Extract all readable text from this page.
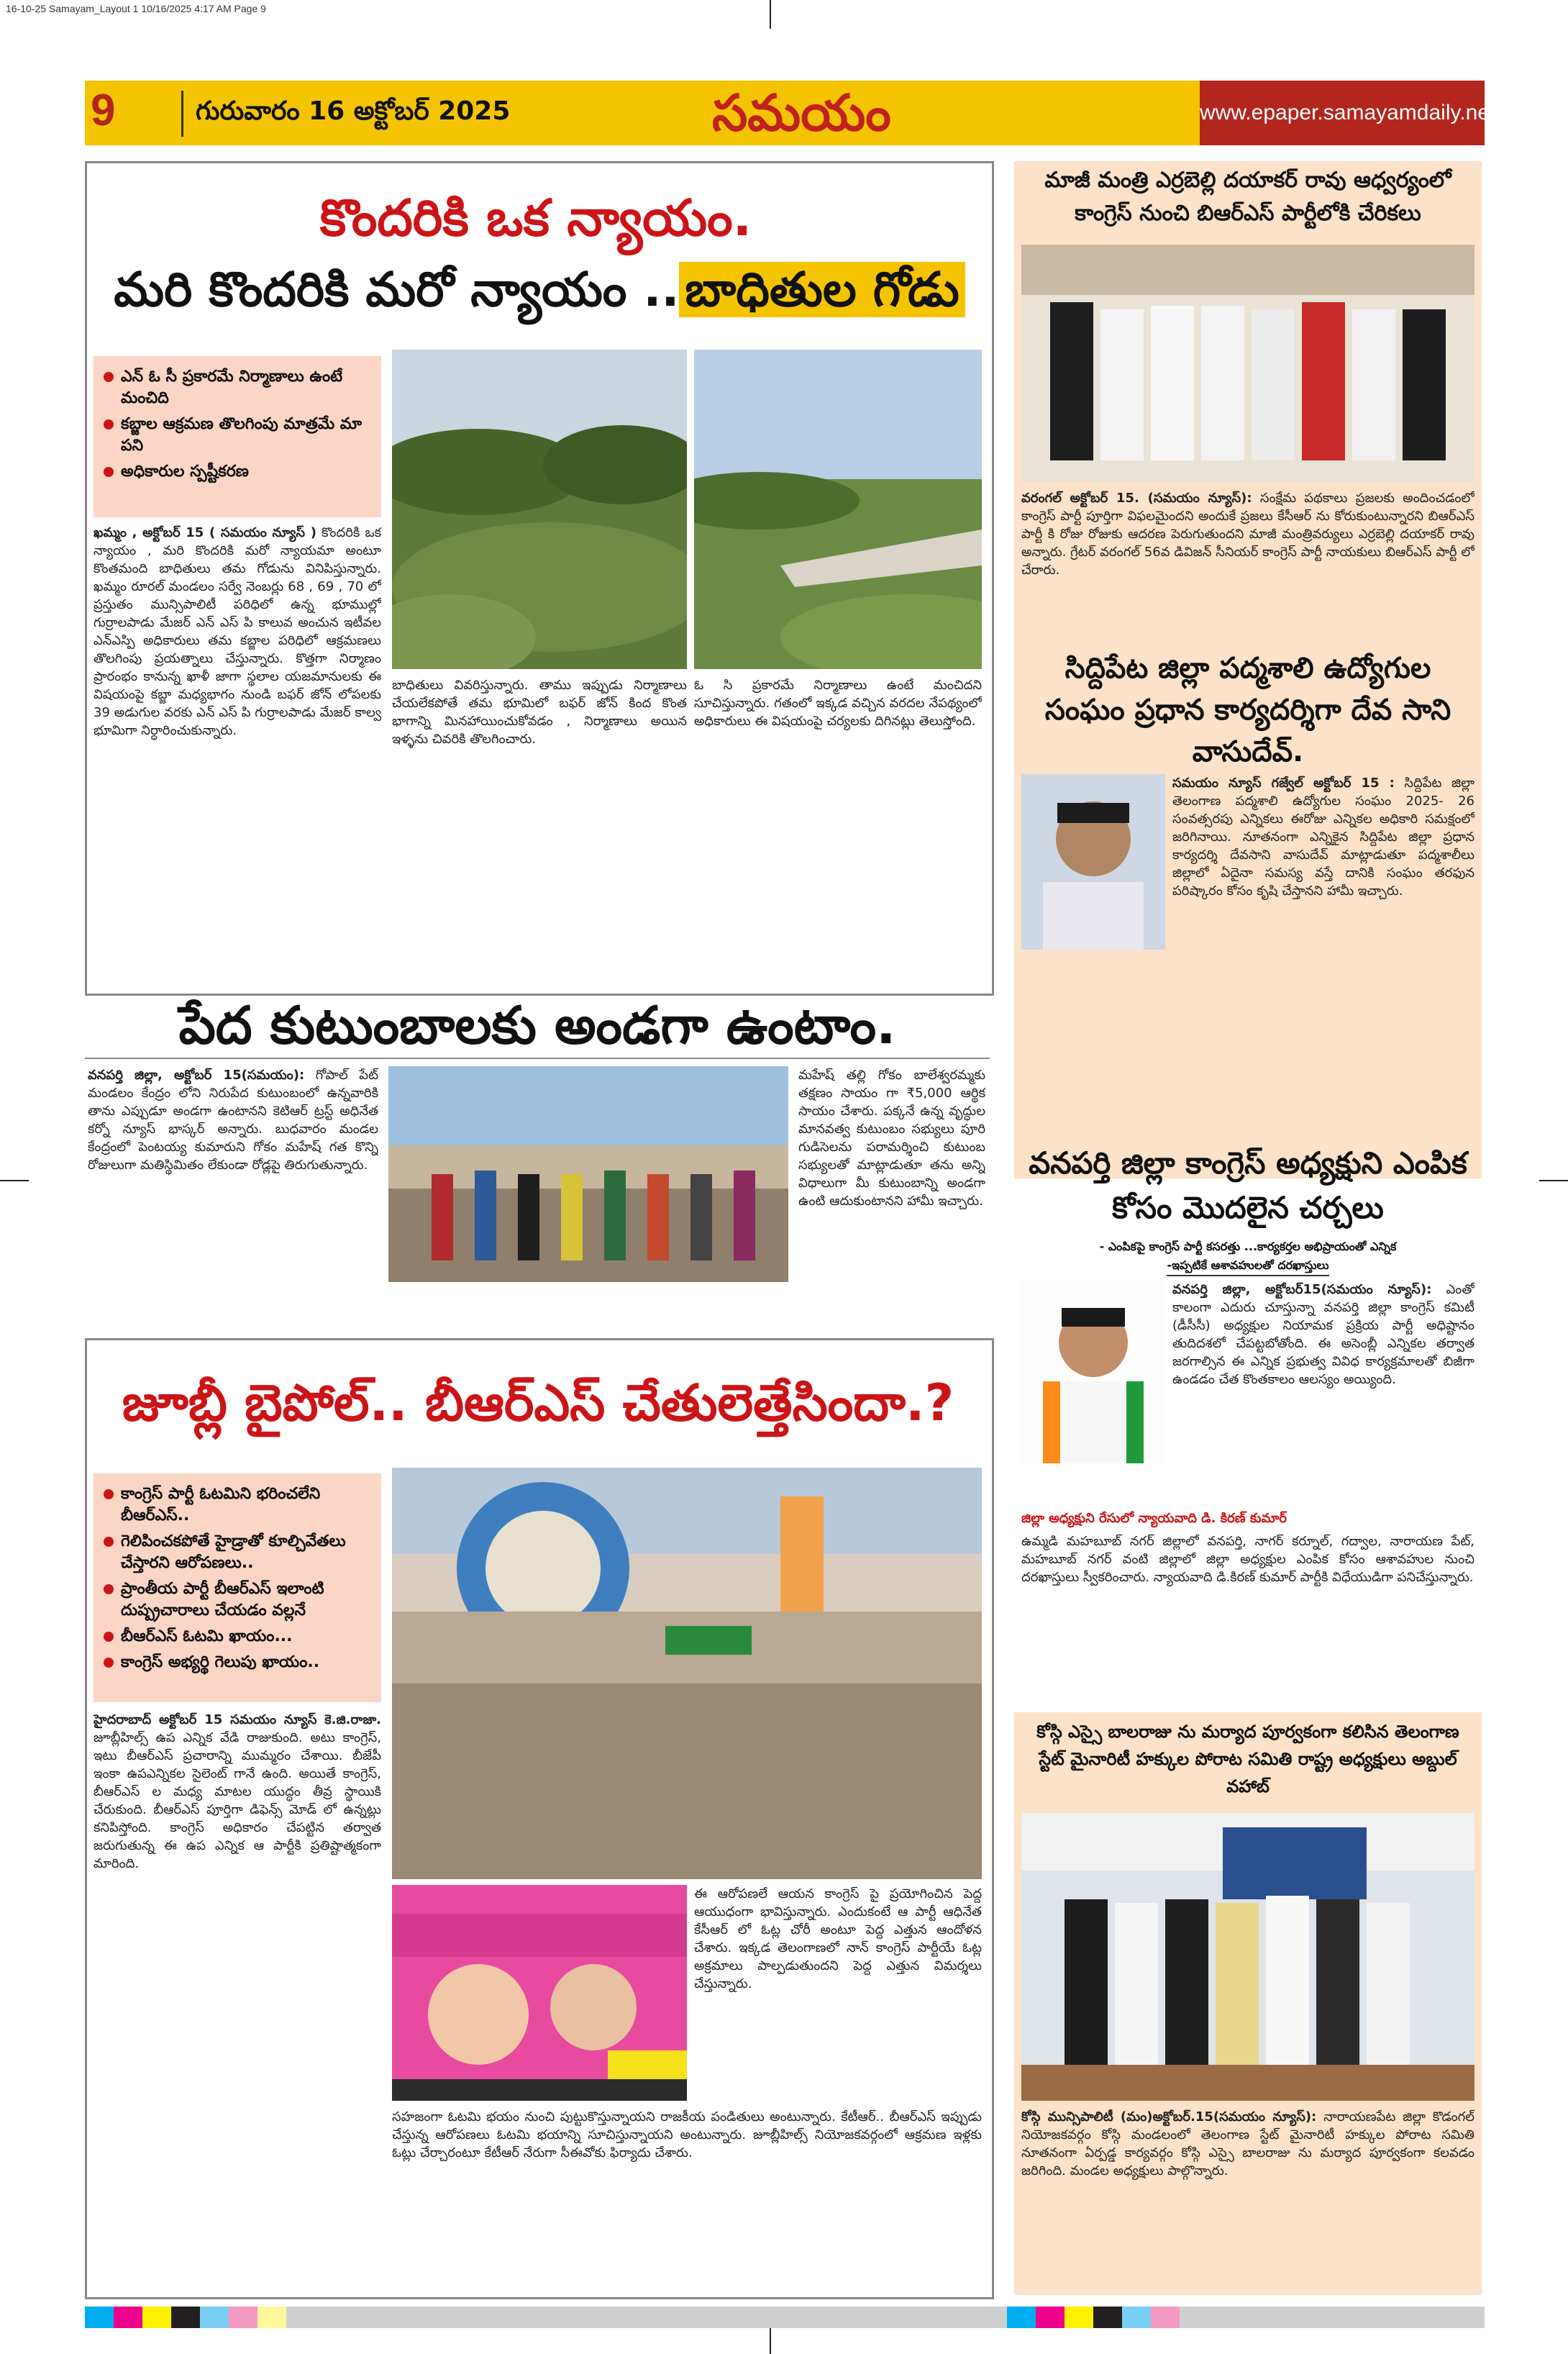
16-10-25 Samayam_Layout 1 10/16/2025 4:17 AM Page 9
9	గురువారం 16 అక్టోబర్ 2025	సమయం	www.epaper.samayamdaily.net
కొందరికి ఒక న్యాయం.
మరి కొందరికి మరో న్యాయం .. బాధితుల గోడు
ఎన్ ఓ సీ ప్రకారమే నిర్మాణాలు ఉంటే మంచిది
కబ్జాల ఆక్రమణ తొలగింపు మాత్రమే మా పని
అధికారుల స్పష్టీకరణ
ఖమ్మం , అక్టోబర్ 15 ( సమయం న్యూస్ ) కొందరికి ఒక న్యాయం , మరి కొందరికి మరో న్యాయమా అంటూ కొంతమంది బాధితులు తమ గోడును వినిపిస్తున్నారు. ఖమ్మం రూరల్ మండలం సర్వే నెంబర్లు 68 , 69 , 70 లో ప్రస్తుతం మున్సిపాలిటీ పరిధిలో ఉన్న భూముల్లో గుర్రాలపాడు మేజర్ ఎన్ ఎస్ పి కాలువ అంచున ఇటీవల ఎన్ఎస్పి అధికారులు తమ కబ్జాల పరిధిలో ఆక్రమణలు తొలగింపు ప్రయత్నాలు చేస్తున్నారు. కొత్తగా నిర్మాణం ప్రారంభం కానున్న ఖాళీ జాగా స్థలాల యజమానులకు ఈ విషయంపై కబ్జా మధ్యభాగం నుండి బఫర్ జోన్ లోపలకు 39 అడుగుల వరకు ఎన్ ఎస్ పి గుర్రాలపాడు మేజర్ కాల్వ భూమిగా నిర్ధారించుకున్నారు.
బాధితులు వివరిస్తున్నారు. తాము ఇప్పుడు నిర్మాణాలు చేయలేకపోతే తమ భూమిలో బఫర్ జోన్ కింద కొంత భాగాన్ని మినహాయించుకోవడం , నిర్మాణాలు అయిన ఇళ్ళను చివరికి తొలగించారు.
ఓ సి ప్రకారమే నిర్మాణాలు ఉంటే మంచిదని సూచిస్తున్నారు. గతంలో ఇక్కడ వచ్చిన వరదల నేపథ్యంలో అధికారులు ఈ విషయంపై చర్యలకు దిగినట్లు తెలుస్తోంది.
పేద కుటుంబాలకు అండగా ఉంటాం.
వనపర్తి జిల్లా, అక్టోబర్ 15(సమయం): గోపాల్ పేట్ మండలం కేంద్రం లోని నిరుపేద కుటుంబంలో ఉన్నవారికి తాను ఎప్పుడూ అండగా ఉంటానని కెటిఆర్ ట్రస్ట్ అధినేత కర్నో న్యూస్ భాస్కర్ అన్నారు. బుధవారం మండల కేంద్రంలో పెంటయ్య కుమారుని గోకం మహేష్ గత కొన్ని రోజులుగా మతిస్థిమితం లేకుండా రోడ్లపై తిరుగుతున్నారు.
మహేష్ తల్లి గోకం బాలేశ్వరమ్మకు తక్షణం సాయం గా ₹5,000 ఆర్థిక సాయం చేశారు. పక్కనే ఉన్న వృద్ధుల మానవత్వ కుటుంబం సభ్యులు పూరి గుడిసెలను పరామర్శించి కుటుంబ సభ్యులతో మాట్లాడుతూ తను అన్ని విధాలుగా మీ కుటుంబాన్ని అండగా ఉంటి ఆదుకుంటానని హామీ ఇచ్చారు.
జూబ్లీ బైపోల్.. బీఆర్ఎస్ చేతులెత్తేసిందా.?
కాంగ్రెస్ పార్టీ ఓటమిని భరించలేని బీఆర్ఎస్..
గెలిపించకపోతే హైడ్రాతో కూల్చివేతలు చేస్తారని ఆరోపణలు..
ప్రాంతీయ పార్టీ బీఆర్ఎస్ ఇలాంటి దుష్ప్రచారాలు చేయడం వల్లనే
బీఆర్ఎస్ ఓటమి ఖాయం...
కాంగ్రెస్ అభ్యర్థి గెలుపు ఖాయం..
హైదరాబాద్ అక్టోబర్ 15 సమయం న్యూస్ కె.జి.రాజా. జూబ్లీహిల్స్ ఉప ఎన్నిక వేడి రాజుకుంది. అటు కాంగ్రెస్, ఇటు బీఆర్ఎస్ ప్రచారాన్ని ముమ్మరం చేశాయి. బీజేపీ ఇంకా ఉపఎన్నికల సైలెంట్ గానే ఉంది. అయితే కాంగ్రెస్, బీఆర్ఎస్ ల మధ్య మాటల యుద్ధం తీవ్ర స్థాయికి చేరుకుంది. బీఆర్ఎస్ పూర్తిగా డిఫెన్స్ మోడ్ లో ఉన్నట్లు కనిపిస్తోంది. కాంగ్రెస్ అధికారం చేపట్టిన తర్వాత జరుగుతున్న ఈ ఉప ఎన్నిక ఆ పార్టీకి ప్రతిష్టాత్మకంగా మారింది.
ఈ ఆరోపణలే ఆయన కాంగ్రెస్ పై ప్రయోగించిన పెద్ద ఆయుధంగా భావిస్తున్నారు. ఎందుకంటే ఆ పార్టీ ఆధినేత కేసీఆర్ లో ఓట్ల చోరీ అంటూ పెద్ద ఎత్తున ఆందోళన చేశారు. ఇక్కడ తెలంగాణలో నాన్ కాంగ్రెస్ పార్టీయే ఓట్ల అక్రమాలు పాల్పడుతుందని పెద్ద ఎత్తున విమర్శలు చేస్తున్నారు.
సహజంగా ఓటమి భయం నుంచి పుట్టుకొస్తున్నాయని రాజకీయ పండితులు అంటున్నారు. కేటీఆర్.. బీఆర్ఎస్ ఇప్పుడు చేస్తున్న ఆరోపణలు ఓటమి భయాన్ని సూచిస్తున్నాయని అంటున్నారు. జూబ్లీహిల్స్ నియోజకవర్గంలో ఆక్రమణ ఇళ్లకు ఓట్లు చేర్చారంటూ కేటీఆర్ నేరుగా సీఈవోకు ఫిర్యాదు చేశారు.
మాజీ మంత్రి ఎర్రబెల్లి దయాకర్ రావు ఆధ్వర్యంలో కాంగ్రెస్ నుంచి బిఆర్ఎస్ పార్టీలోకి చేరికలు
వరంగల్ అక్టోబర్ 15. (సమయం న్యూస్): సంక్షేమ పథకాలు ప్రజలకు అందించడంలో కాంగ్రెస్ పార్టీ పూర్తిగా విఫలమైందని అందుకే ప్రజలు కేసీఆర్ ను కోరుకుంటున్నారని బిఆర్ఎస్ పార్టీ కి రోజు రోజుకు ఆదరణ పెరుగుతుందని మాజీ మంత్రివర్యులు ఎర్రబెల్లి దయాకర్ రావు అన్నారు. గ్రేటర్ వరంగల్ 56వ డివిజన్ సీనియర్ కాంగ్రెస్ పార్టీ నాయకులు బిఆర్ఎస్ పార్టీ లో చేరారు.
సిద్దిపేట జిల్లా పద్మశాలి ఉద్యోగుల సంఘం ప్రధాన కార్యదర్శిగా దేవ సాని వాసుదేవ్.
సమయం న్యూస్ గజ్వేల్ అక్టోబర్ 15 : సిద్దిపేట జిల్లా తెలంగాణ పద్మశాలి ఉద్యోగుల సంఘం 2025- 26 సంవత్సరపు ఎన్నికలు ఈరోజు ఎన్నికల అధికారి సమక్షంలో జరిగినాయి. నూతనంగా ఎన్నికైన సిద్దిపేట జిల్లా ప్రధాన కార్యదర్శి దేవసాని వాసుదేవ్ మాట్లాడుతూ పద్మశాలీలు జిల్లాలో ఏదైనా సమస్య వస్తే దానికి సంఘం తరఫున పరిష్కారం కోసం కృషి చేస్తానని హామీ ఇచ్చారు.
వనపర్తి జిల్లా కాంగ్రెస్ అధ్యక్షుని ఎంపిక కోసం మొదలైన చర్చలు
- ఎంపికపై కాంగ్రెస్ పార్టీ కసరత్తు ...కార్యకర్తల అభిప్రాయంతో ఎన్నిక
-ఇప్పటికే ఆశావహులతో దరఖాస్తులు
వనపర్తి జిల్లా, అక్టోబర్15(సమయం న్యూస్): ఎంతో కాలంగా ఎదురు చూస్తున్నా వనపర్తి జిల్లా కాంగ్రెస్ కమిటీ (డీసీసీ) అధ్యక్షుల నియామక ప్రక్రియ పార్టీ అధిష్టానం తుదిదశలో చేపట్టబోతోంది. ఈ అసెంబ్లీ ఎన్నికల తర్వాత జరగాల్సిన ఈ ఎన్నిక ప్రభుత్వ వివిధ కార్యక్రమాలతో బిజీగా ఉండడం చేత కొంతకాలం ఆలస్యం అయ్యింది.
జిల్లా అధ్యక్షుని రేసులో న్యాయవాది డి. కిరణ్ కుమార్
ఉమ్మడి మహబూబ్ నగర్ జిల్లాలో వనపర్తి, నాగర్ కర్నూల్, గద్వాల, నారాయణ పేట్, మహబూబ్ నగర్ వంటి జిల్లాలో జిల్లా అధ్యక్షుల ఎంపిక కోసం ఆశావహుల నుంచి దరఖాస్తులు స్వీకరించారు. న్యాయవాది డి.కిరణ్ కుమార్ పార్టీకి విధేయుడిగా పనిచేస్తున్నారు.
కోస్గి ఎస్సై బాలరాజు ను మర్యాద పూర్వకంగా కలిసిన తెలంగాణ స్టేట్ మైనారిటీ హక్కుల పోరాట సమితి రాష్ట్ర అధ్యక్షులు అబ్దుల్ వహాబ్
కోస్గి మున్సిపాలిటీ (మం)అక్టోబర్.15(సమయం న్యూస్): నారాయణపేట జిల్లా కొడంగల్ నియోజకవర్గం కోస్గి మండలంలో తెలంగాణ స్టేట్ మైనారిటీ హక్కుల పోరాట సమితి నూతనంగా ఏర్పడ్డ కార్యవర్గం కోస్గి ఎస్సై బాలరాజు ను మర్యాద పూర్వకంగా కలవడం జరిగింది. మండల అధ్యక్షులు పాల్గొన్నారు.
